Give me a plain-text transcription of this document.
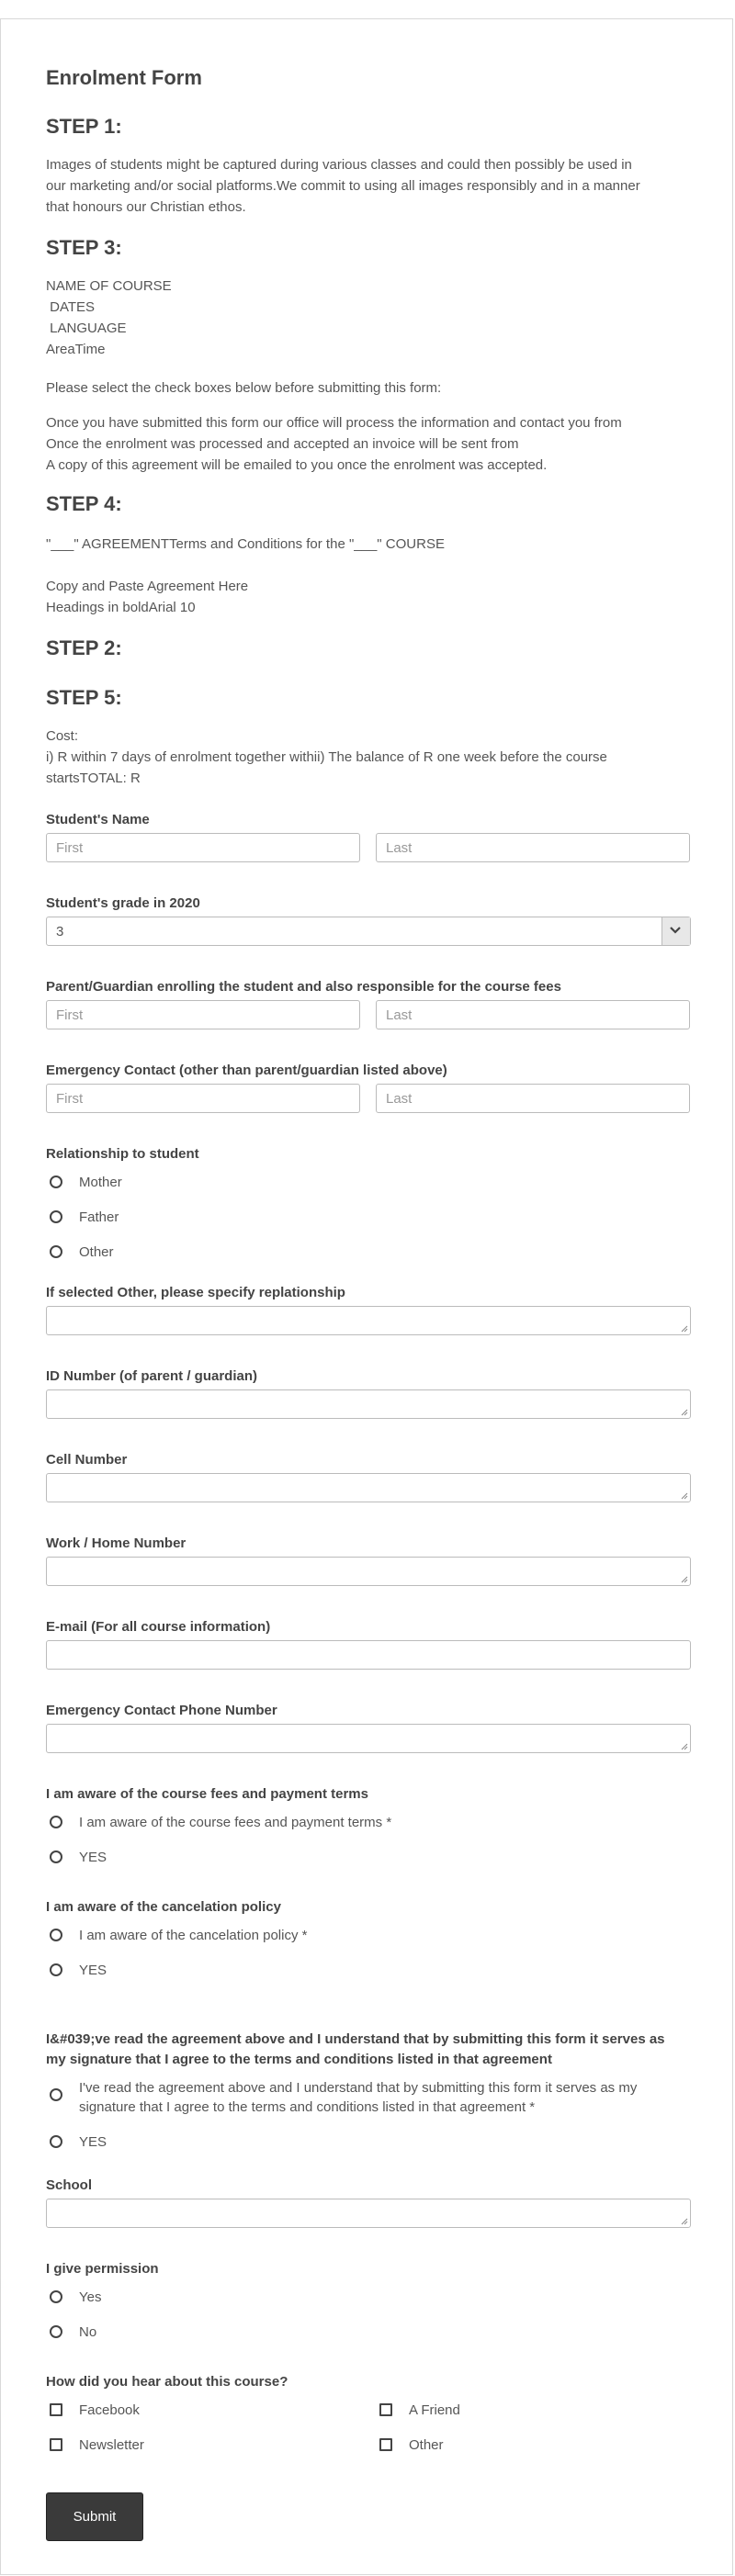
Enrolment Form
STEP 1:
Images of students might be captured during various classes and could then possibly be used in
our marketing and/or social platforms.We commit to using all images responsibly and in a manner
that honours our Christian ethos.
STEP 3:
NAME OF COURSE
DATES
LANGUAGE
AreaTime
Please select the check boxes below before submitting this form:
Once you have submitted this form our office will process the information and contact you from
Once the enrolment was processed and accepted an invoice will be sent from
A copy of this agreement will be emailed to you once the enrolment was accepted.
STEP 4:
"___" AGREEMENTTerms and Conditions for the "___" COURSE
Copy and Paste Agreement Here
Headings in boldArial 10
STEP 2:
STEP 5:
Cost:
i) R within 7 days of enrolment together withii) The balance of R one week before the course
startsTOTAL: R
Student's Name
First
Last
Student's grade in 2020
3
Parent/Guardian enrolling the student and also responsible for the course fees
First
Last
Emergency Contact (other than parent/guardian listed above)
First
Last
Relationship to student
Mother
Father
Other
If selected Other, please specify replationship
ID Number (of parent / guardian)
Cell Number
Work / Home Number
E-mail (For all course information)
Emergency Contact Phone Number
I am aware of the course fees and payment terms
I am aware of the course fees and payment terms *
YES
I am aware of the cancelation policy
I am aware of the cancelation policy *
YES
I&#039;ve read the agreement above and I understand that by submitting this form it serves as
my signature that I agree to the terms and conditions listed in that agreement
I've read the agreement above and I understand that by submitting this form it serves as my
signature that I agree to the terms and conditions listed in that agreement *
YES
School
I give permission
Yes
No
How did you hear about this course?
Facebook	A Friend
Newsletter	Other
Submit
